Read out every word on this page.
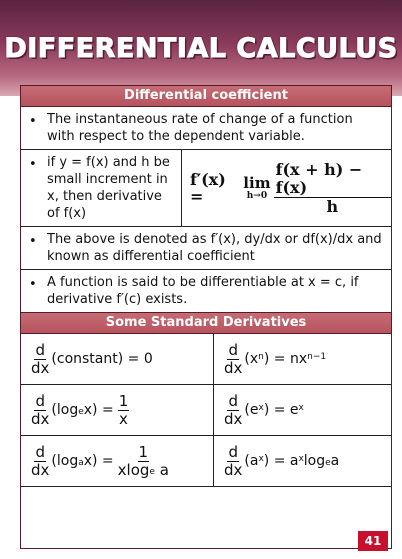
DIFFERENTIAL CALCULUS
Differential coefficient
• The instantaneous rate of change of a function with respect to the dependent variable.
• if y = f(x) and h be small increment in x, then derivative of f(x)
f′(x) =
lim
$h\to 0 \frac{f(x + h) - f(x)}{h}$
• The above is denoted as f′(x), dy/dx or df(x)/dx and known as differential coefficient
• A function is said to be differentiable at x = c, if derivative f′(c) exists.
Some Standard Derivatives
d
dx (constant) = 0
d
dx ($x^n$ ) = $nx^{n-1}$
d
dx ($\log_e$ $x) = \frac{1}{x}$	d
dx ($e^x$ ) = $e^x$
d
dx ($\log_a$ $x) = \frac{1}{xlog_e a}$	d
dx ($a^x$ ) = $a^x$ $\log_e a$
41
